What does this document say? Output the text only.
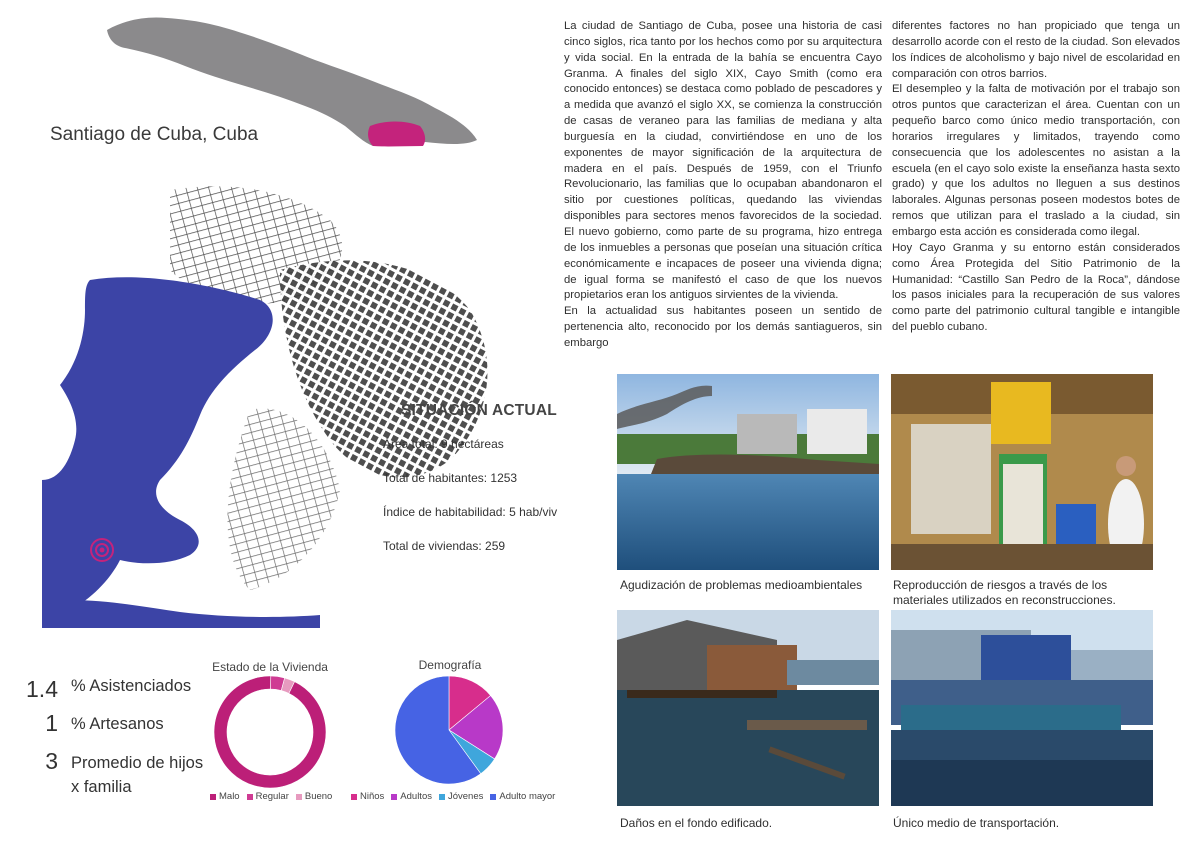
Santiago de Cuba, Cuba
SITUACIÓN ACTUAL
Área total: 9 hectáreas
Total de habitantes: 1253
Índice de habitabilidad: 5 hab/viv
Total de viviendas: 259
1.4 % Asistenciados
1 % Artesanos
3 Promedio de hijos x familia
Estado de la Vivienda
Malo Regular Bueno
Demografía
Niños Adultos Jóvenes Adulto mayor

La ciudad de Santiago de Cuba, posee una historia de casi cinco siglos, rica tanto por los hechos como por su arquitectura y vida social. En la entrada de la bahía se encuentra Cayo Granma. A finales del siglo XIX, Cayo Smith (como era conocido entonces) se destaca como poblado de pescadores y a medida que avanzó el siglo XX, se comienza la construcción de casas de veraneo para las familias de mediana y alta burguesía en la ciudad, convirtiéndose en uno de los exponentes de mayor significación de la arquitectura de madera en el país. Después de 1959, con el Triunfo Revolucionario, las familias que lo ocupaban abandonaron el sitio por cuestiones políticas, quedando las viviendas disponibles para sectores menos favorecidos de la sociedad. El nuevo gobierno, como parte de su programa, hizo entrega de los inmuebles a personas que poseían una situación crítica económicamente e incapaces de poseer una vivienda digna; de igual forma se manifestó el caso de que los nuevos propietarios eran los antiguos sirvientes de la vivienda.

En la actualidad sus habitantes poseen un sentido de pertenencia alto, reconocido por los demás santiagueros, sin embargo

diferentes factores no han propiciado que tenga un desarrollo acorde con el resto de la ciudad. Son elevados los índices de alcoholismo y bajo nivel de escolaridad en comparación con otros barrios.

El desempleo y la falta de motivación por el trabajo son otros puntos que caracterizan el área. Cuentan con un pequeño barco como único medio transportación, con horarios irregulares y limitados, trayendo como consecuencia que los adolescentes no asistan a la escuela (en el cayo solo existe la enseñanza hasta sexto grado) y que los adultos no lleguen a sus destinos laborales. Algunas personas poseen modestos botes de remos que utilizan para el traslado a la ciudad, sin embargo esta acción es considerada como ilegal.

Hoy Cayo Granma y su entorno están considerados como Área Protegida del Sitio Patrimonio de la Humanidad: “Castillo San Pedro de la Roca”, dándose los pasos iniciales para la recuperación de sus valores como parte del patrimonio cultural tangible e intangible del pueblo cubano.

Agudización de problemas medioambientales	Reproducción de riesgos a través de los materiales utilizados en reconstrucciones.
Daños en el fondo edificado.	Único medio de transportación.
